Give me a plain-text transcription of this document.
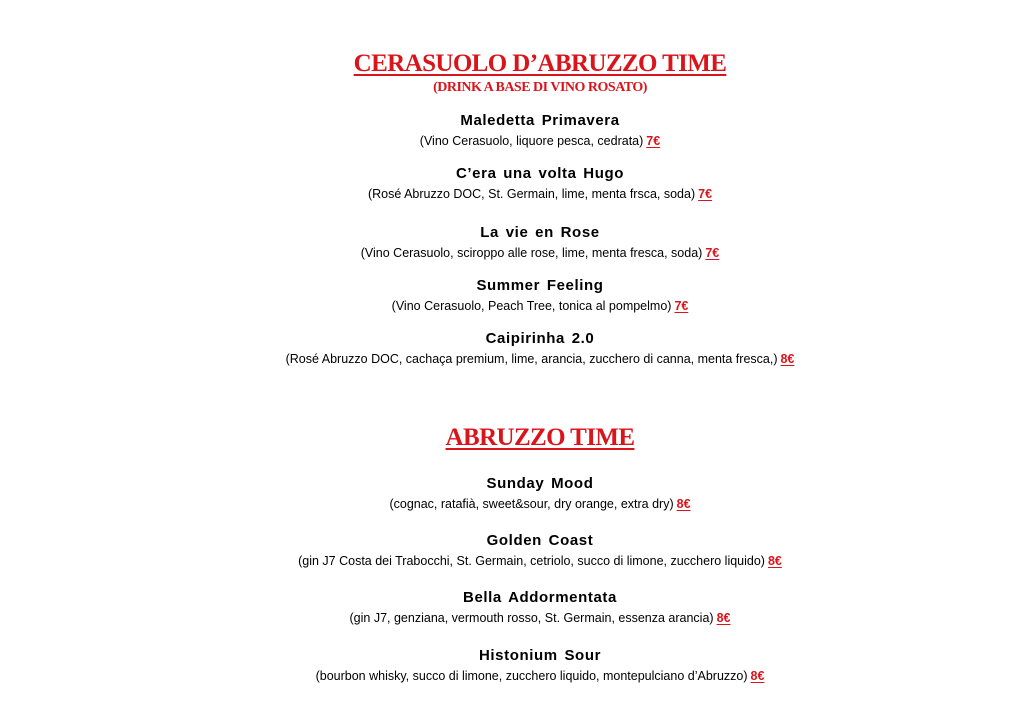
CERASUOLO D’ABRUZZO TIME
(DRINK A BASE DI VINO ROSATO)
Maledetta Primavera
(Vino Cerasuolo, liquore pesca, cedrata) 7€
C’era una volta Hugo
(Rosé Abruzzo DOC, St. Germain, lime, menta frsca, soda) 7€
La vie en Rose
(Vino Cerasuolo, sciroppo alle rose, lime, menta fresca, soda) 7€
Summer Feeling
(Vino Cerasuolo, Peach Tree, tonica al pompelmo) 7€
Caipirinha 2.0
(Rosé Abruzzo DOC, cachaça premium, lime, arancia, zucchero di canna, menta fresca,) 8€
ABRUZZO TIME
Sunday Mood
(cognac, ratafià, sweet&sour, dry orange, extra dry) 8€
Golden Coast
(gin J7 Costa dei Trabocchi, St. Germain, cetriolo, succo di limone, zucchero liquido) 8€
Bella Addormentata
(gin J7, genziana, vermouth rosso, St. Germain, essenza arancia) 8€
Histonium Sour
(bourbon whisky, succo di limone, zucchero liquido, montepulciano d’Abruzzo) 8€
